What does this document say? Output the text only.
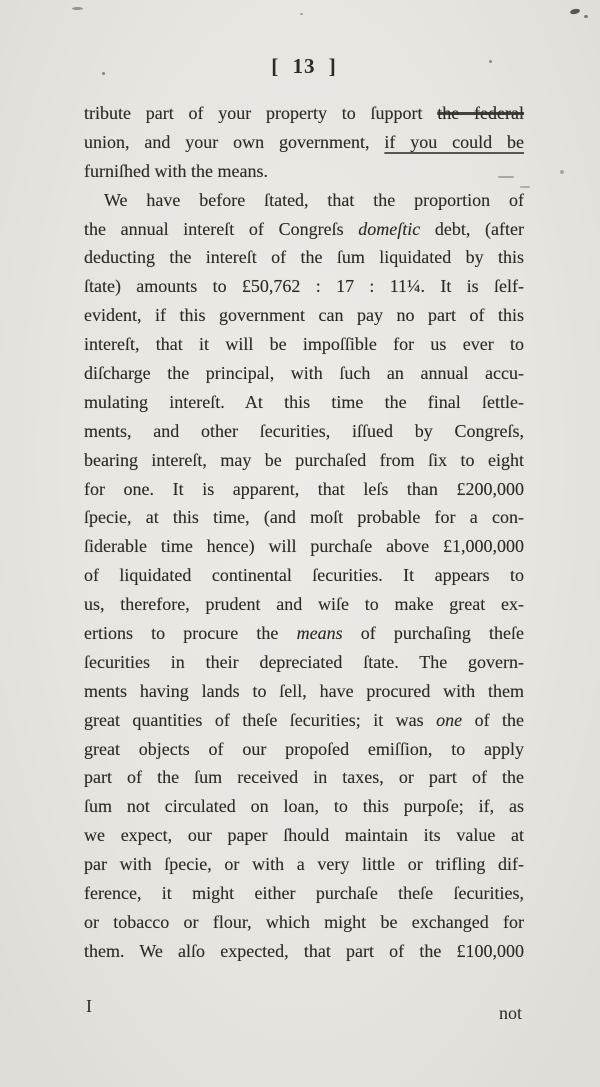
[ 13 ]
tribute part of your property to ſupport the federal
union, and your own government, if you could be
furniſhed with the means.
We have before ſtated, that the proportion of
the annual intereſt of Congreſs domeſtic debt, (after
deducting the intereſt of the ſum liquidated by this
ſtate) amounts to £50,762 : 17 : 11¼. It is ſelf-
evident, if this government can pay no part of this
intereſt, that it will be impoſſible for us ever to
diſcharge the principal, with ſuch an annual accu-
mulating intereſt. At this time the final ſettle-
ments, and other ſecurities, iſſued by Congreſs,
bearing intereſt, may be purchaſed from ſix to eight
for one. It is apparent, that leſs than £200,000
ſpecie, at this time, (and moſt probable for a con-
ſiderable time hence) will purchaſe above £1,000,000
of liquidated continental ſecurities. It appears to
us, therefore, prudent and wiſe to make great ex-
ertions to procure the means of purchaſing theſe
ſecurities in their depreciated ſtate. The govern-
ments having lands to ſell, have procured with them
great quantities of theſe ſecurities; it was one of the
great objects of our propoſed emiſſion, to apply
part of the ſum received in taxes, or part of the
ſum not circulated on loan, to this purpoſe; if, as
we expect, our paper ſhould maintain its value at
par with ſpecie, or with a very little or trifling dif-
ference, it might either purchaſe theſe ſecurities,
or tobacco or flour, which might be exchanged for
them. We alſo expected, that part of the £100,000
I	not
